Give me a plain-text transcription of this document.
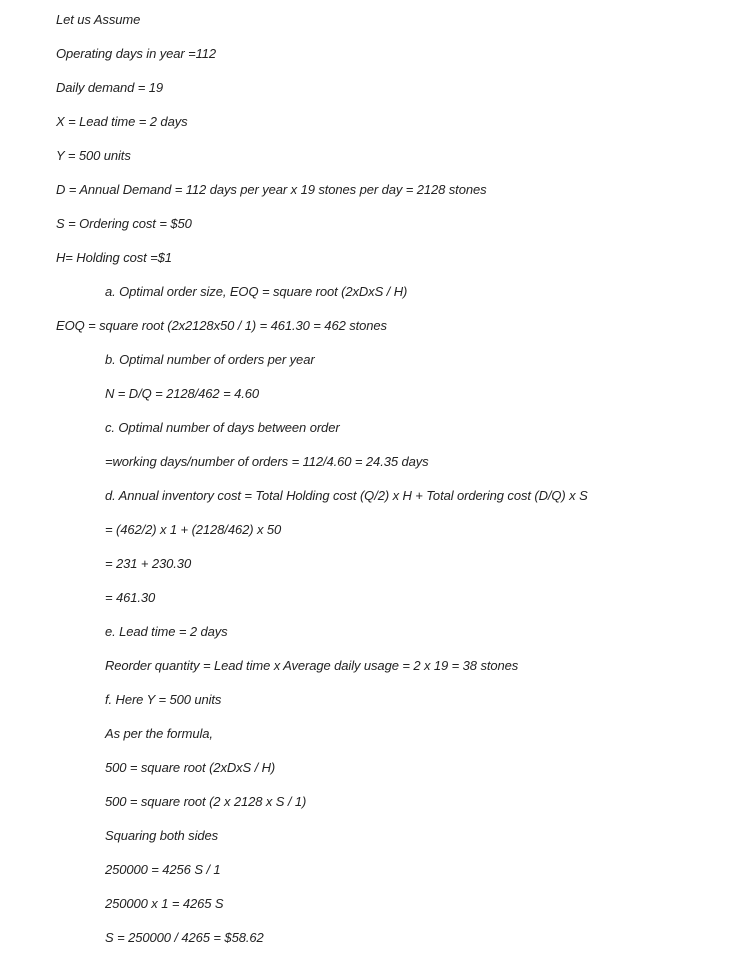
Let us Assume

Operating days in year =112

Daily demand = 19

X = Lead time = 2 days

Y = 500 units

D = Annual Demand = 112 days per year x 19 stones per day = 2128 stones

S = Ordering cost = $50

H= Holding cost =$1

a. Optimal order size, EOQ = square root (2xDxS / H)

EOQ = square root (2x2128x50 / 1) = 461.30 = 462 stones

b. Optimal number of orders per year

N = D/Q = 2128/462 = 4.60

c. Optimal number of days between order

=working days/number of orders = 112/4.60 = 24.35 days

d. Annual inventory cost = Total Holding cost (Q/2) x H + Total ordering cost (D/Q) x S

= (462/2) x 1 + (2128/462) x 50

= 231 + 230.30

= 461.30

e. Lead time = 2 days

Reorder quantity = Lead time x Average daily usage = 2 x 19 = 38 stones

f. Here Y = 500 units

As per the formula,

500 = square root (2xDxS / H)

500 = square root (2 x 2128 x S / 1)

Squaring both sides

250000 = 4256 S / 1

250000 x 1 = 4265 S

S = 250000 / 4265 = $58.62
